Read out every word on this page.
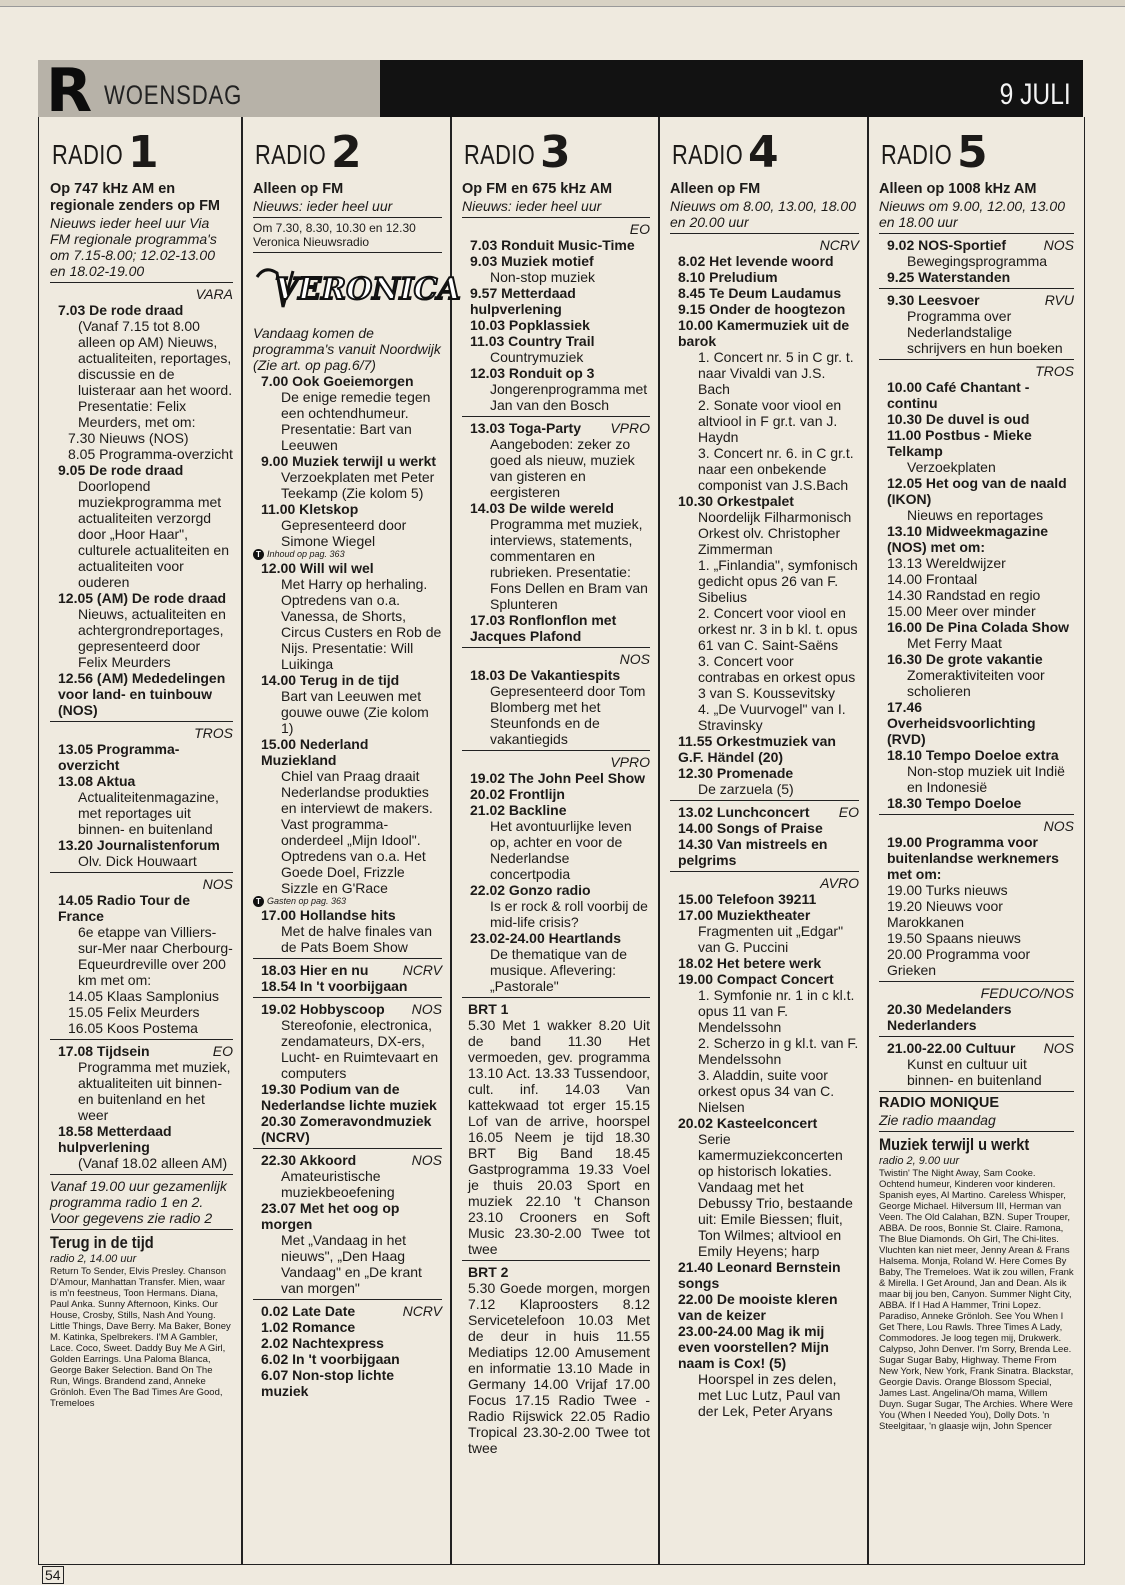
R WOENSDAG	9 JULI
RADIO 1
Op 747 kHz AM en regionale zenders op FM
Nieuws ieder heel uur Via FM regionale programma's om 7.15-8.00; 12.02-13.00 en 18.02-19.00
VARA
7.03 De rode draad
(Vanaf 7.15 tot 8.00 alleen op AM) Nieuws, actualiteiten, reportages, discussie en de luisteraar aan het woord. Presentatie: Felix Meurders, met om:
7.30 Nieuws (NOS)
8.05 Programma-overzicht
9.05 De rode draad
Doorlopend muziekprogramma met actualiteiten verzorgd door „Hoor Haar", culturele actualiteiten en actualiteiten voor ouderen
12.05 (AM) De rode draad
Nieuws, actualiteiten en achtergrondreportages, gepresenteerd door Felix Meurders
12.56 (AM) Mededelingen voor land- en tuinbouw (NOS)
TROS
13.05 Programma-overzicht
13.08 Aktua
Actualiteitenmagazine, met reportages uit binnen- en buitenland
13.20 Journalistenforum
Olv. Dick Houwaart
NOS
14.05 Radio Tour de France
6e etappe van Villiers-sur-Mer naar Cherbourg-Equeurdreville over 200 km met om:
14.05 Klaas Samplonius
15.05 Felix Meurders
16.05 Koos Postema
17.08 Tijdsein	EO
Programma met muziek, aktualiteiten uit binnen- en buitenland en het weer
18.58 Metterdaad hulpverlening
(Vanaf 18.02 alleen AM)
Vanaf 19.00 uur gezamenlijk programma radio 1 en 2. Voor gegevens zie radio 2
Terug in de tijd
radio 2, 14.00 uur
Return To Sender, Elvis Presley. Chanson D'Amour, Manhattan Transfer. Mien, waar is m'n feestneus, Toon Hermans. Diana, Paul Anka. Sunny Afternoon, Kinks. Our House, Crosby, Stills, Nash And Young. Little Things, Dave Berry. Ma Baker, Boney M. Katinka, Spelbrekers. I'M A Gambler, Lace. Coco, Sweet. Daddy Buy Me A Girl, Golden Earrings. Una Paloma Blanca, George Baker Selection. Band On The Run, Wings. Brandend zand, Anneke Grönloh. Even The Bad Times Are Good, Tremeloes
RADIO 2
Alleen op FM
Nieuws: ieder heel uur
Om 7.30, 8.30, 10.30 en 12.30 Veronica Nieuwsradio
VERONICA
Vandaag komen de programma's vanuit Noordwijk (Zie art. op pag.6/7)
7.00 Ook Goeiemorgen
De enige remedie tegen een ochtendhumeur. Presentatie: Bart van Leeuwen
9.00 Muziek terwijl u werkt
Verzoekplaten met Peter Teekamp (Zie kolom 5)
11.00 Kletskop
Gepresenteerd door Simone Wiegel
T Inhoud op pag. 363
12.00 Will wil wel
Met Harry op herhaling. Optredens van o.a. Vanessa, de Shorts, Circus Custers en Rob de Nijs. Presentatie: Will Luikinga
14.00 Terug in de tijd
Bart van Leeuwen met gouwe ouwe (Zie kolom 1)
15.00 Nederland Muziekland
Chiel van Praag draait Nederlandse produkties en interviewt de makers. Vast programma-onderdeel „Mijn Idool". Optredens van o.a. Het Goede Doel, Frizzle Sizzle en G'Race
T Gasten op pag. 363
17.00 Hollandse hits
Met de halve finales van de Pats Boem Show
18.03 Hier en nu NCRV
18.54 In 't voorbijgaan
19.02 Hobbyscoop NOS
Stereofonie, electronica, zendamateurs, DX-ers, Lucht- en Ruimtevaart en computers
19.30 Podium van de Nederlandse lichte muziek
20.30 Zomeravondmuziek (NCRV)
22.30 Akkoord	NOS
Amateuristische muziekbeoefening
23.07 Met het oog op morgen
Met „Vandaag in het nieuws", „Den Haag Vandaag" en „De krant van morgen"
0.02 Late Date	NCRV
1.02 Romance
2.02 Nachtexpress
6.02 In 't voorbijgaan
6.07 Non-stop lichte muziek
RADIO 3
Op FM en 675 kHz AM
Nieuws: ieder heel uur
EO
7.03 Ronduit Music-Time
9.03 Muziek motief
Non-stop muziek
9.57 Metterdaad hulpverlening
10.03 Popklassiek
11.03 Country Trail
Countrymuziek
12.03 Ronduit op 3
Jongerenprogramma met Jan van den Bosch
13.03 Toga-Party VPRO
Aangeboden: zeker zo goed als nieuw, muziek van gisteren en eergisteren
14.03 De wilde wereld
Programma met muziek, interviews, statements, commentaren en rubrieken. Presentatie: Fons Dellen en Bram van Splunteren
17.03 Ronflonflon met Jacques Plafond
NOS
18.03 De Vakantiespits
Gepresenteerd door Tom Blomberg met het Steunfonds en de vakantiegids
VPRO
19.02 The John Peel Show
20.02 Frontlijn
21.02 Backline
Het avontuurlijke leven op, achter en voor de Nederlandse concertpodia
22.02 Gonzo radio
Is er rock & roll voorbij de mid-life crisis?
23.02-24.00 Heartlands
De thematique van de musique. Aflevering: „Pastorale"
BRT 1
5.30 Met 1 wakker 8.20 Uit de band 11.30 Het vermoeden, gev. programma 13.10 Act. 13.33 Tussendoor, cult. inf. 14.03 Van kattekwaad tot erger 15.15 Lof van de arrive, hoorspel 16.05 Neem je tijd 18.30 BRT Big Band 18.45 Gastprogramma 19.33 Voel je thuis 20.03 Sport en muziek 22.10 't Chanson 23.10 Crooners en Soft Music 23.30-2.00 Twee tot twee
BRT 2
5.30 Goede morgen, morgen 7.12 Klaproosters 8.12 Servicetelefoon 10.03 Met de deur in huis 11.55 Mediatips 12.00 Amusement en informatie 13.10 Made in Germany 14.00 Vrijaf 17.00 Focus 17.15 Radio Twee - Radio Rijswick 22.05 Radio Tropical 23.30-2.00 Twee tot twee
RADIO 4
Alleen op FM
Nieuws om 8.00, 13.00, 18.00 en 20.00 uur
NCRV
8.02 Het levende woord
8.10 Preludium
8.45 Te Deum Laudamus
9.15 Onder de hoogtezon
10.00 Kamermuziek uit de barok
1. Concert nr. 5 in C gr. t. naar Vivaldi van J.S. Bach
2. Sonate voor viool en altviool in F gr.t. van J. Haydn
3. Concert nr. 6. in C gr.t. naar een onbekende componist van J.S.Bach
10.30 Orkestpalet
Noordelijk Filharmonisch Orkest olv. Christopher Zimmerman
1. „Finlandia", symfonisch gedicht opus 26 van F. Sibelius
2. Concert voor viool en orkest nr. 3 in b kl. t. opus 61 van C. Saint-Saëns
3. Concert voor contrabas en orkest opus 3 van S. Koussevitsky
4. „De Vuurvogel" van I. Stravinsky
11.55 Orkestmuziek van G.F. Händel (20)
12.30 Promenade
De zarzuela (5)
13.02 Lunchconcert EO
14.00 Songs of Praise
14.30 Van mistreels en pelgrims
AVRO
15.00 Telefoon 39211
17.00 Muziektheater
Fragmenten uit „Edgar" van G. Puccini
18.02 Het betere werk
19.00 Compact Concert
1. Symfonie nr. 1 in c kl.t. opus 11 van F. Mendelssohn
2. Scherzo in g kl.t. van F. Mendelssohn
3. Aladdin, suite voor orkest opus 34 van C. Nielsen
20.02 Kasteelconcert
Serie kamermuziekconcerten op historisch lokaties. Vandaag met het Debussy Trio, bestaande uit: Emile Biessen; fluit, Ton Wilmes; altviool en Emily Heyens; harp
21.40 Leonard Bernstein songs
22.00 De mooiste kleren van de keizer
23.00-24.00 Mag ik mij even voorstellen? Mijn naam is Cox! (5)
Hoorspel in zes delen, met Luc Lutz, Paul van der Lek, Peter Aryans
RADIO 5
Alleen op 1008 kHz AM
Nieuws om 9.00, 12.00, 13.00 en 18.00 uur
9.02 NOS-Sportief	NOS
Bewegingsprogramma
9.25 Waterstanden
9.30 Leesvoer	RVU
Programma over Nederlandstalige schrijvers en hun boeken
TROS
10.00 Café Chantant - continu
10.30 De duvel is oud
11.00 Postbus - Mieke Telkamp
Verzoekplaten
12.05 Het oog van de naald (IKON)
Nieuws en reportages
13.10 Midweekmagazine (NOS) met om:
13.13 Wereldwijzer
14.00 Frontaal
14.30 Randstad en regio
15.00 Meer over minder
16.00 De Pina Colada Show
Met Ferry Maat
16.30 De grote vakantie
Zomeraktiviteiten voor scholieren
17.46 Overheidsvoorlichting (RVD)
18.10 Tempo Doeloe extra
Non-stop muziek uit Indië en Indonesië
18.30 Tempo Doeloe
NOS
19.00 Programma voor buitenlandse werknemers met om:
19.00 Turks nieuws
19.20 Nieuws voor Marokkanen
19.50 Spaans nieuws
20.00 Programma voor Grieken
FEDUCO/NOS
20.30 Medelanders Nederlanders
21.00-22.00 Cultuur NOS
Kunst en cultuur uit binnen- en buitenland
RADIO MONIQUE
Zie radio maandag
Muziek terwijl u werkt
radio 2, 9.00 uur
Twistin' The Night Away, Sam Cooke. Ochtend humeur, Kinderen voor kinderen. Spanish eyes, Al Martino. Careless Whisper, George Michael. Hilversum III, Herman van Veen. The Old Calahan, BZN. Super Trouper, ABBA. De roos, Bonnie St. Claire. Ramona, The Blue Diamonds. Oh Girl, The Chi-lites. Vluchten kan niet meer, Jenny Arean & Frans Halsema. Monja, Roland W. Here Comes By Baby, The Tremeloes. Wat ik zou willen, Frank & Mirella. I Get Around, Jan and Dean. Als ik maar bij jou ben, Canyon. Summer Night City, ABBA. If I Had A Hammer, Trini Lopez. Paradiso, Anneke Grönloh. See You When I Get There, Lou Rawls. Three Times A Lady, Commodores. Je loog tegen mij, Drukwerk. Calypso, John Denver. I'm Sorry, Brenda Lee. Sugar Sugar Baby, Highway. Theme From New York, New York, Frank Sinatra. Blackstar, Georgie Davis. Orange Blossom Special, James Last. Angelina/Oh mama, Willem Duyn. Sugar Sugar, The Archies. Where Were You (When I Needed You), Dolly Dots. 'n Steelgitaar, 'n glaasje wijn, John Spencer
54
